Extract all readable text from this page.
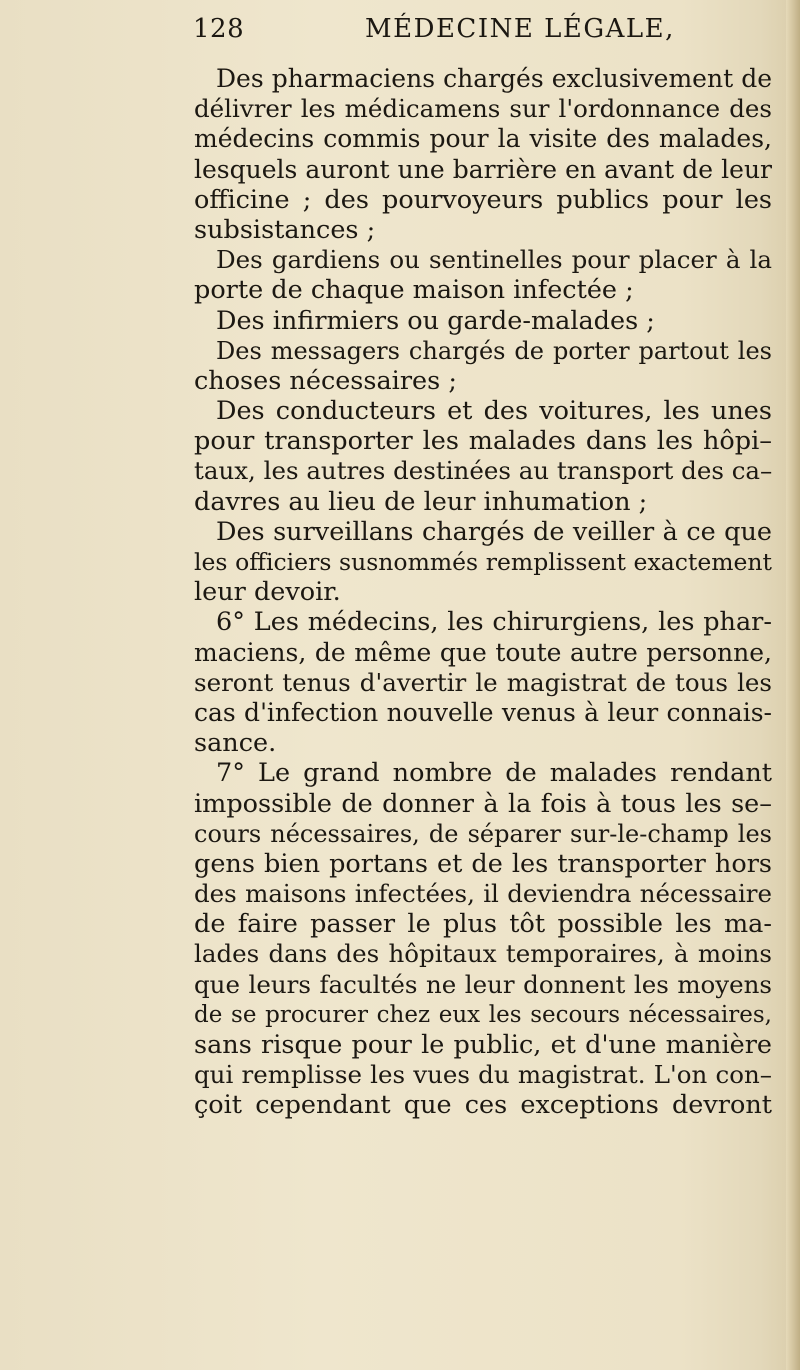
128	MÉDECINE LÉGALE,
Des pharmaciens chargés exclusivement de
délivrer les médicamens sur l'ordonnance des
médecins commis pour la visite des malades,
lesquels auront une barrière en avant de leur
officine ; des pourvoyeurs publics pour les
subsistances ;
Des gardiens ou sentinelles pour placer à la
porte de chaque maison infectée ;
Des infirmiers ou garde-malades ;
Des messagers chargés de porter partout les
choses nécessaires ;
Des conducteurs et des voitures, les unes
pour transporter les malades dans les hôpi–
taux, les autres destinées au transport des ca–
davres au lieu de leur inhumation ;
Des surveillans chargés de veiller à ce que
les officiers susnommés remplissent exactement
leur devoir.
6° Les médecins, les chirurgiens, les phar-
maciens, de même que toute autre personne,
seront tenus d'avertir le magistrat de tous les
cas d'infection nouvelle venus à leur connais-
sance.
7° Le grand nombre de malades rendant
impossible de donner à la fois à tous les se–
cours nécessaires, de séparer sur-le-champ les
gens bien portans et de les transporter hors
des maisons infectées, il deviendra nécessaire
de faire passer le plus tôt possible les ma-
lades dans des hôpitaux temporaires, à moins
que leurs facultés ne leur donnent les moyens
de se procurer chez eux les secours nécessaires,
sans risque pour le public, et d'une manière
qui remplisse les vues du magistrat. L'on con–
çoit cependant que ces exceptions devront
